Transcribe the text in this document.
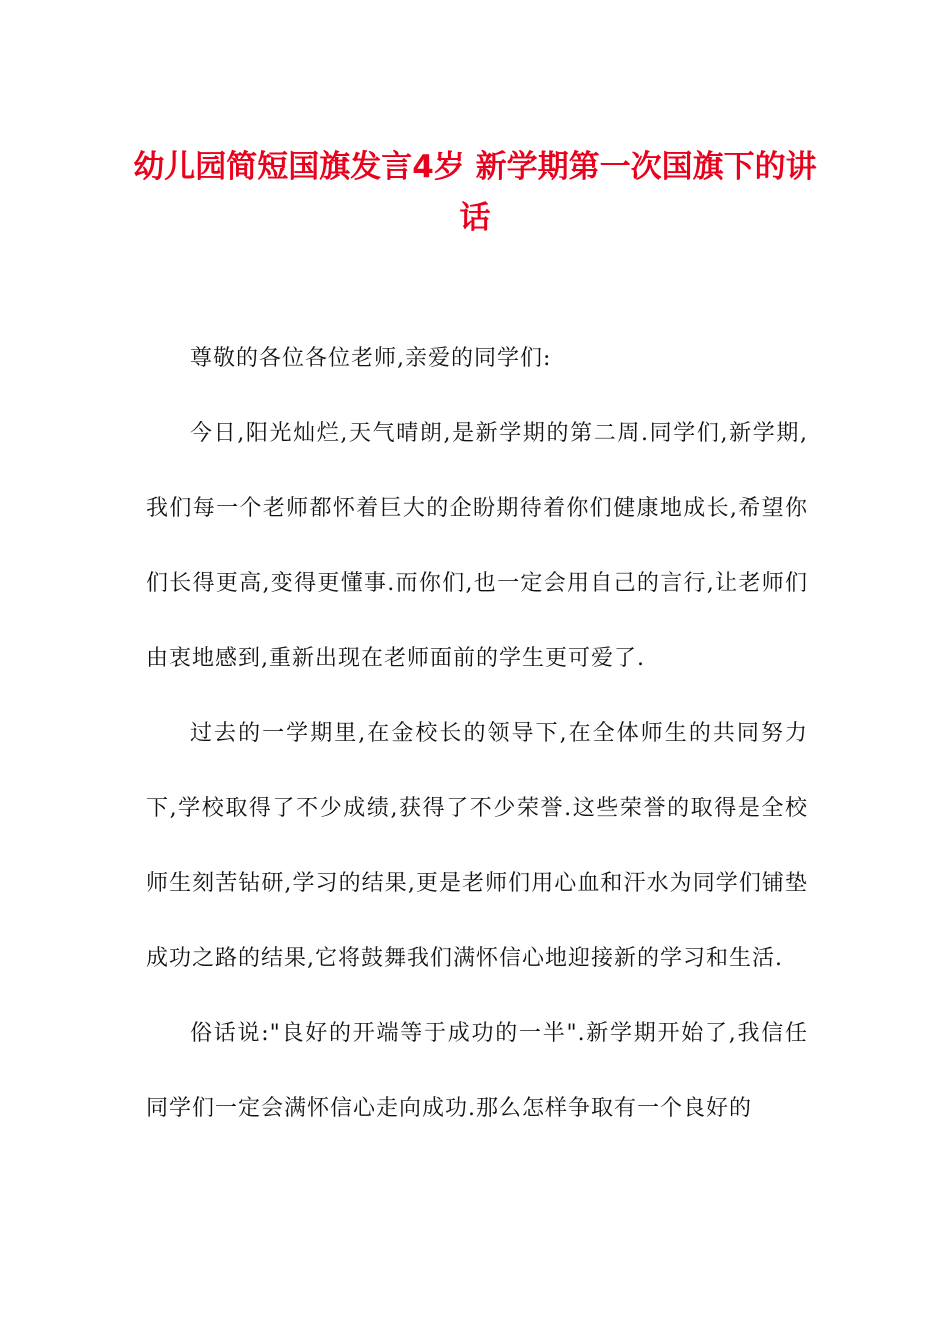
幼儿园简短国旗发言4岁 新学期第一次国旗下的讲话

尊敬的各位各位老师,亲爱的同学们:

今日,阳光灿烂,天气晴朗,是新学期的第二周.同学们,新学期,我们每一个老师都怀着巨大的企盼期待着你们健康地成长,希望你们长得更高,变得更懂事.而你们,也一定会用自己的言行,让老师们由衷地感到,重新出现在老师面前的学生更可爱了.

过去的一学期里,在金校长的领导下,在全体师生的共同努力下,学校取得了不少成绩,获得了不少荣誉.这些荣誉的取得是全校师生刻苦钻研,学习的结果,更是老师们用心血和汗水为同学们铺垫成功之路的结果,它将鼓舞我们满怀信心地迎接新的学习和生活.

俗话说:"良好的开端等于成功的一半".新学期开始了,我信任同学们一定会满怀信心走向成功.那么怎样争取有一个良好的
